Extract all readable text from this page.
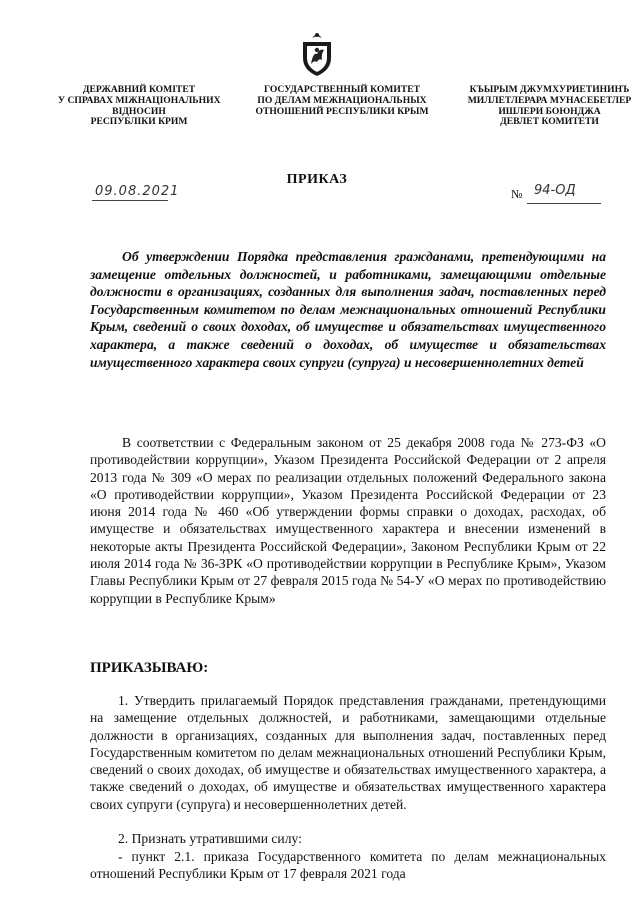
ДЕРЖАВНИЙ КОМІТЕТ
У СПРАВАХ МІЖНАЦІОНАЛЬНИХ
ВІДНОСИН
РЕСПУБЛІКИ КРИМ
ГОСУДАРСТВЕННЫЙ КОМИТЕТ
ПО ДЕЛАМ МЕЖНАЦИОНАЛЬНЫХ
ОТНОШЕНИЙ РЕСПУБЛИКИ КРЫМ
КЪЫРЫМ ДЖУМХУРИЕТИНИНЪ
МИЛЛЕТЛЕРАРА МУНАСЕБЕТЛЕР
ИШЛЕРИ БОЮНДЖА
ДЕВЛЕТ КОМИТЕТИ
ПРИКАЗ
09.08.2021	№ 94-ОД
Об утверждении Порядка представления гражданами, претендующими на замещение отдельных должностей, и работниками, замещающими отдельные должности в организациях, созданных для выполнения задач, поставленных перед Государственным комитетом по делам межнациональных отношений Республики Крым, сведений о своих доходах, об имуществе и обязательствах имущественного характера, а также сведений о доходах, об имуществе и обязательствах имущественного характера своих супруги (супруга) и несовершеннолетних детей
В соответствии с Федеральным законом от 25 декабря 2008 года № 273-ФЗ «О противодействии коррупции», Указом Президента Российской Федерации от 2 апреля 2013 года № 309 «О мерах по реализации отдельных положений Федерального закона «О противодействии коррупции», Указом Президента Российской Федерации от 23 июня 2014 года № 460 «Об утверждении формы справки о доходах, расходах, об имуществе и обязательствах имущественного характера и внесении изменений в некоторые акты Президента Российской Федерации», Законом Республики Крым от 22 июля 2014 года № 36-ЗРК «О противодействии коррупции в Республике Крым», Указом Главы Республики Крым от 27 февраля 2015 года № 54-У «О мерах по противодействию коррупции в Республике Крым»
ПРИКАЗЫВАЮ:
1. Утвердить прилагаемый Порядок представления гражданами, претендующими на замещение отдельных должностей, и работниками, замещающими отдельные должности в организациях, созданных для выполнения задач, поставленных перед Государственным комитетом по делам межнациональных отношений Республики Крым, сведений о своих доходах, об имуществе и обязательствах имущественного характера, а также сведений о доходах, об имуществе и обязательствах имущественного характера своих супруги (супруга) и несовершеннолетних детей.

2. Признать утратившими силу:

- пункт 2.1. приказа Государственного комитета по делам межнациональных отношений Республики Крым от 17 февраля 2021 года
